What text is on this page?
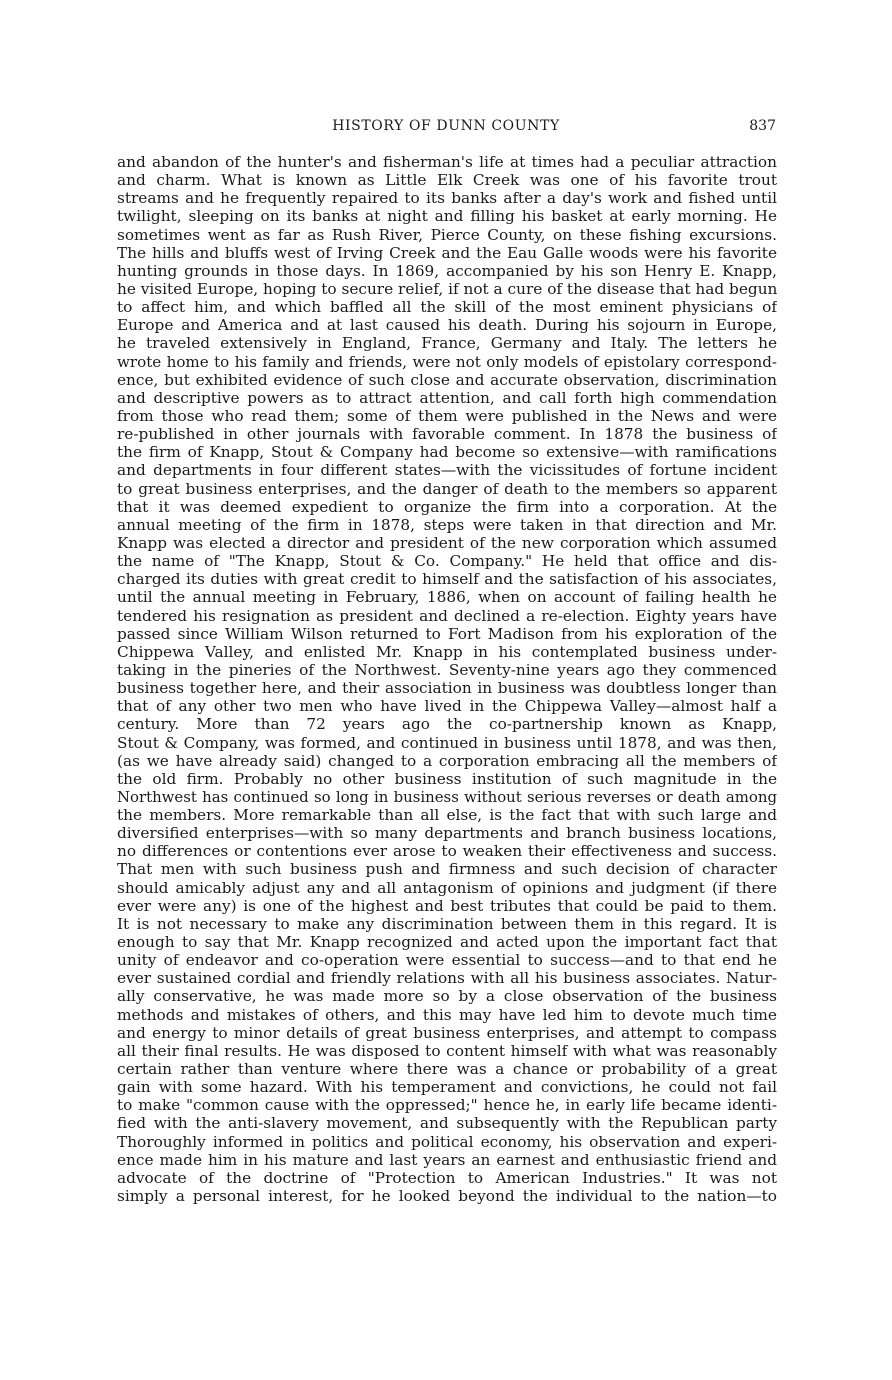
HISTORY OF DUNN COUNTY	837
and abandon of the hunter's and fisherman's life at times had a peculiar attraction
and charm. What is known as Little Elk Creek was one of his favorite trout
streams and he frequently repaired to its banks after a day's work and fished until
twilight, sleeping on its banks at night and filling his basket at early morning. He
sometimes went as far as Rush River, Pierce County, on these fishing excursions.
The hills and bluffs west of Irving Creek and the Eau Galle woods were his favorite
hunting grounds in those days. In 1869, accompanied by his son Henry E. Knapp,
he visited Europe, hoping to secure relief, if not a cure of the disease that had begun
to affect him, and which baffled all the skill of the most eminent physicians of
Europe and America and at last caused his death. During his sojourn in Europe,
he traveled extensively in England, France, Germany and Italy. The letters he
wrote home to his family and friends, were not only models of epistolary correspond-
ence, but exhibited evidence of such close and accurate observation, discrimination
and descriptive powers as to attract attention, and call forth high commendation
from those who read them; some of them were published in the News and were
re-published in other journals with favorable comment. In 1878 the business of
the firm of Knapp, Stout & Company had become so extensive—with ramifications
and departments in four different states—with the vicissitudes of fortune incident
to great business enterprises, and the danger of death to the members so apparent
that it was deemed expedient to organize the firm into a corporation. At the
annual meeting of the firm in 1878, steps were taken in that direction and Mr.
Knapp was elected a director and president of the new corporation which assumed
the name of "The Knapp, Stout & Co. Company." He held that office and dis-
charged its duties with great credit to himself and the satisfaction of his associates,
until the annual meeting in February, 1886, when on account of failing health he
tendered his resignation as president and declined a re-election. Eighty years have
passed since William Wilson returned to Fort Madison from his exploration of the
Chippewa Valley, and enlisted Mr. Knapp in his contemplated business under-
taking in the pineries of the Northwest. Seventy-nine years ago they commenced
business together here, and their association in business was doubtless longer than
that of any other two men who have lived in the Chippewa Valley—almost half a
century. More than 72 years ago the co-partnership known as Knapp,
Stout & Company, was formed, and continued in business until 1878, and was then,
(as we have already said) changed to a corporation embracing all the members of
the old firm. Probably no other business institution of such magnitude in the
Northwest has continued so long in business without serious reverses or death among
the members. More remarkable than all else, is the fact that with such large and
diversified enterprises—with so many departments and branch business locations,
no differences or contentions ever arose to weaken their effectiveness and success.
That men with such business push and firmness and such decision of character
should amicably adjust any and all antagonism of opinions and judgment (if there
ever were any) is one of the highest and best tributes that could be paid to them.
It is not necessary to make any discrimination between them in this regard. It is
enough to say that Mr. Knapp recognized and acted upon the important fact that
unity of endeavor and co-operation were essential to success—and to that end he
ever sustained cordial and friendly relations with all his business associates. Natur-
ally conservative, he was made more so by a close observation of the business
methods and mistakes of others, and this may have led him to devote much time
and energy to minor details of great business enterprises, and attempt to compass
all their final results. He was disposed to content himself with what was reasonably
certain rather than venture where there was a chance or probability of a great
gain with some hazard. With his temperament and convictions, he could not fail
to make "common cause with the oppressed;" hence he, in early life became identi-
fied with the anti-slavery movement, and subsequently with the Republican party
Thoroughly informed in politics and political economy, his observation and experi-
ence made him in his mature and last years an earnest and enthusiastic friend and
advocate of the doctrine of "Protection to American Industries." It was not
simply a personal interest, for he looked beyond the individual to the nation—to
